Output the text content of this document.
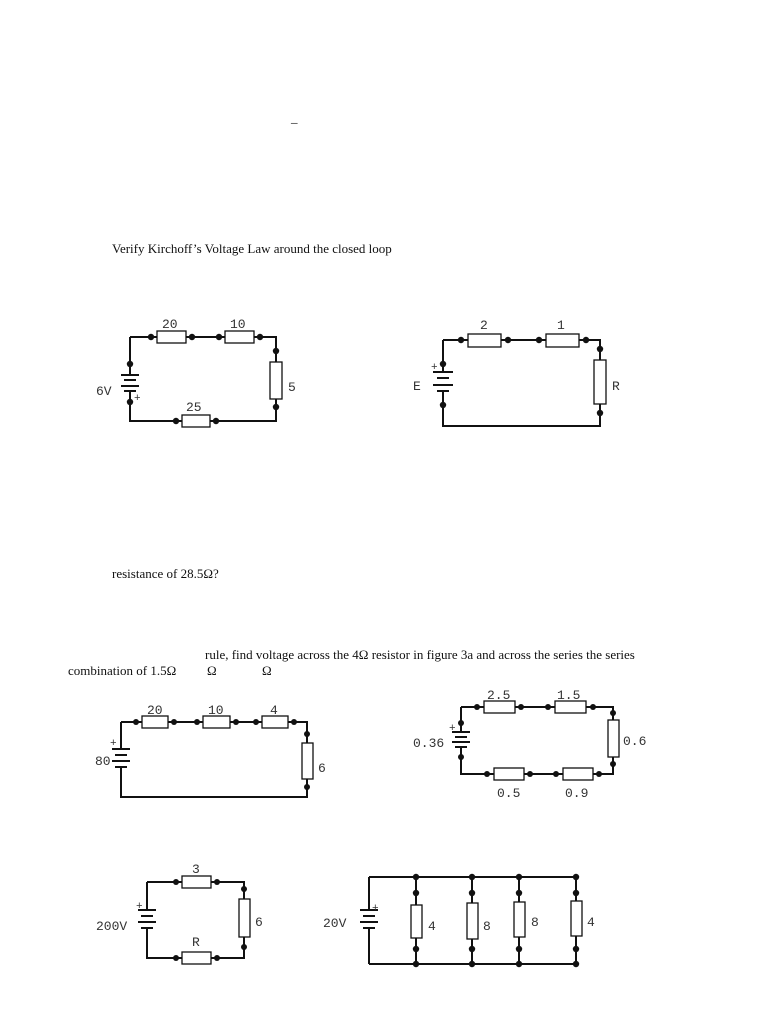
_
Verify Kirchoff’s Voltage Law around the closed loop
resistance of 28.5Ω?
rule, find voltage across the 4Ω resistor in figure 3a and across the series the series
combination of 1.5Ω Ω	Ω
20	10
5
25
6V +
2	1
R
E
+
20	10	4
6
80
+
2.5	1.5
0.6
0.5	0.9
0.36
+
3
6
R
200V
+
4	8	8	4
20V
+
